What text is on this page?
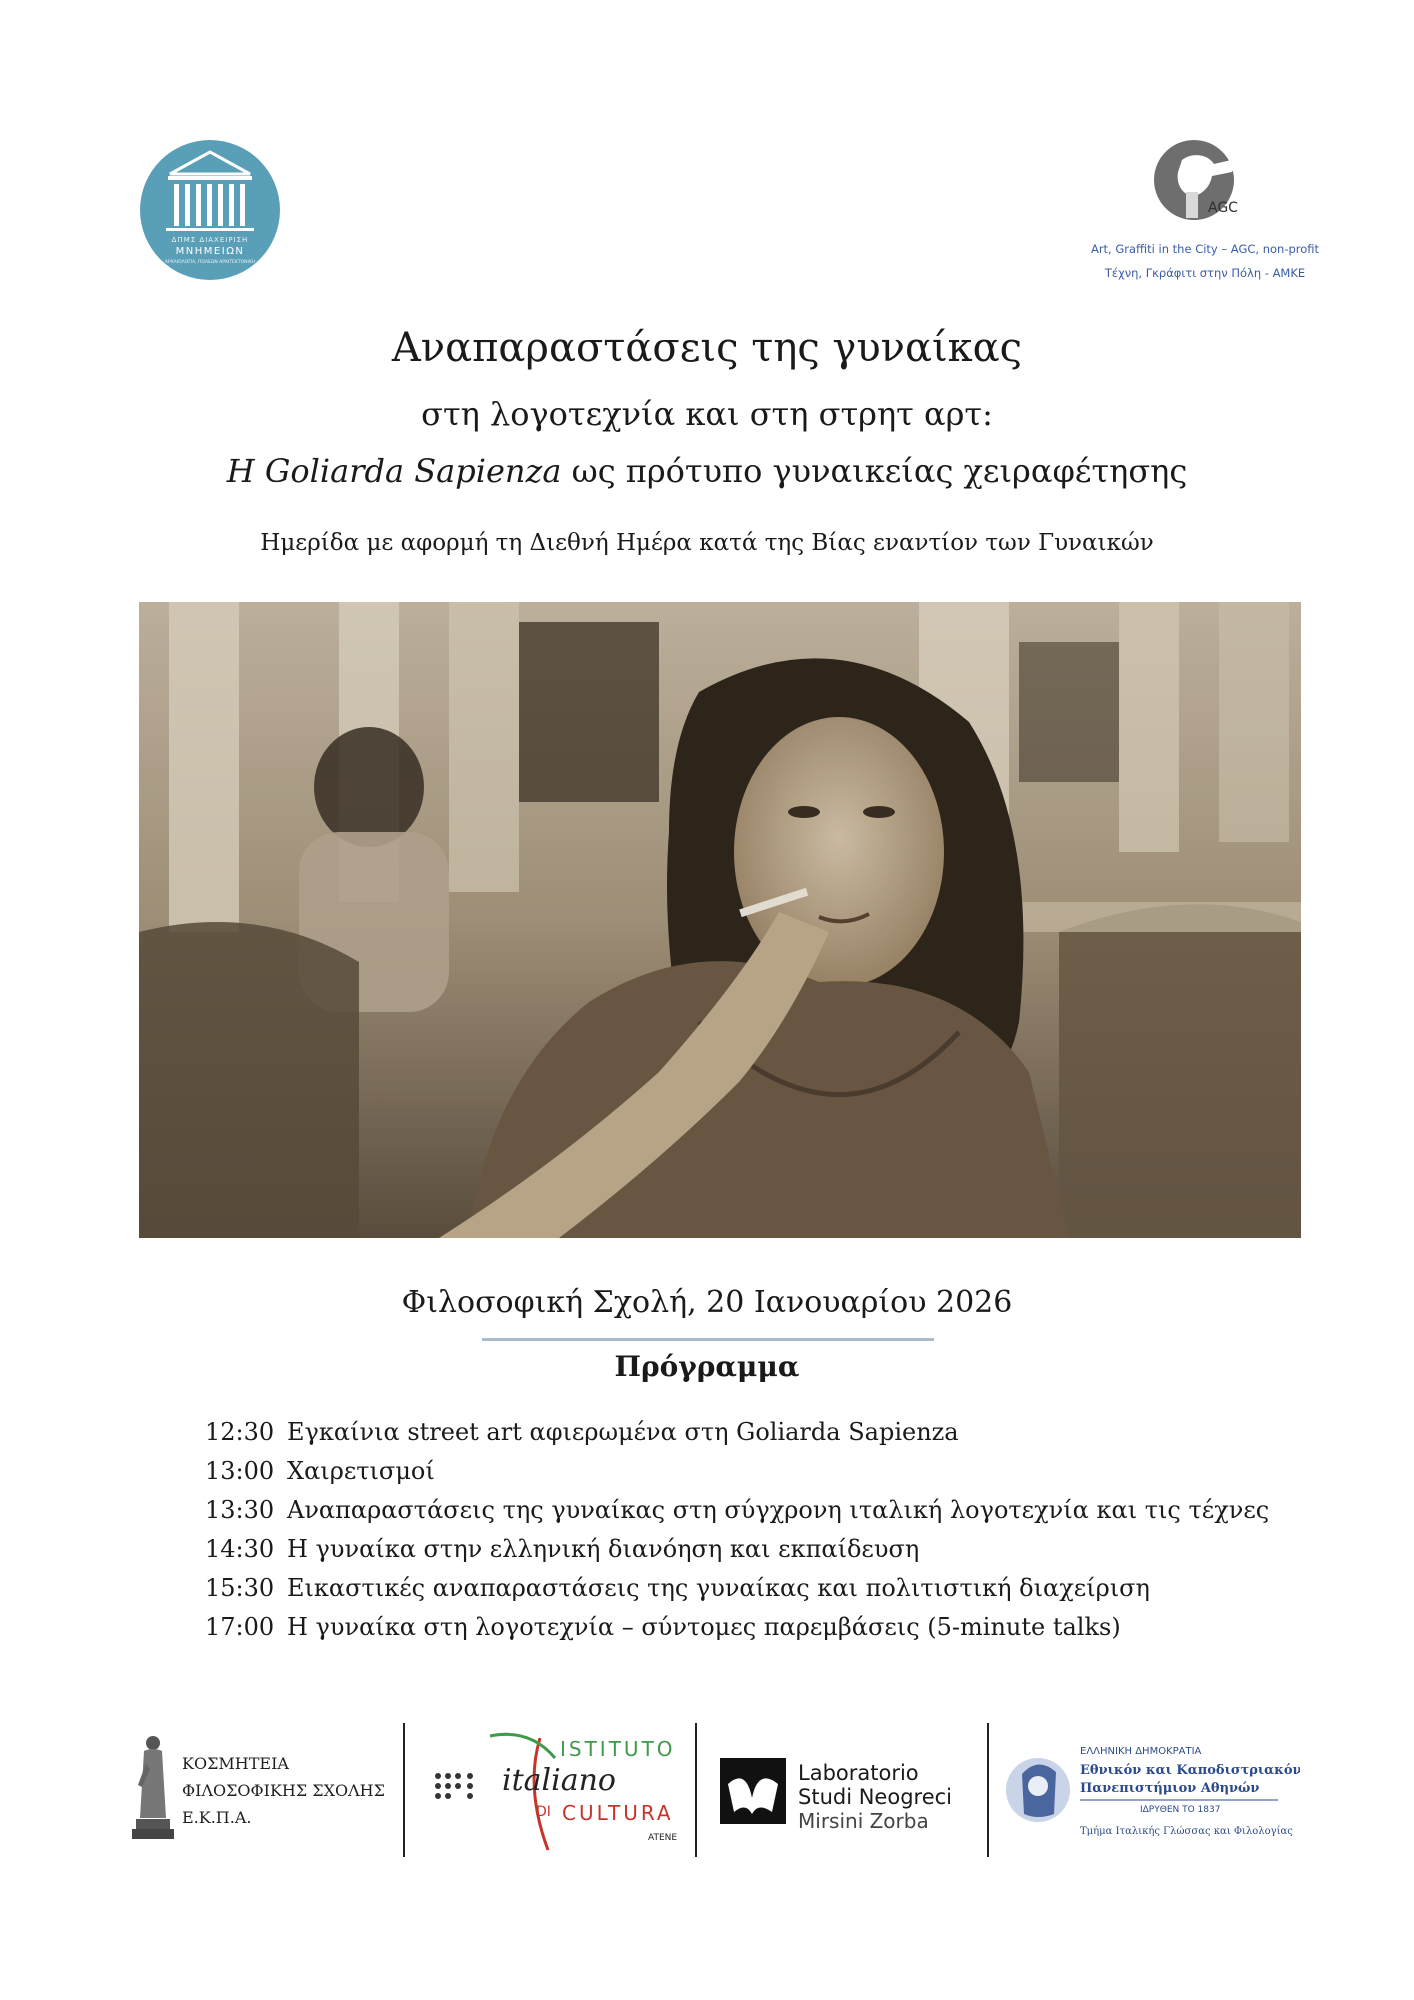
ΔΠΜΣ ΔΙΑΧΕΙΡΙΣΗ
ΜΝΗΜΕΙΩΝ
ΑΡΧΑΙΟΛΟΓΙΑ, ΠΟΛΕΩΝ ΑΡΧΙΤΕΚΤΟΝΙΚΗ
AGC
Art, Graffiti in the City – AGC, non-profit
Τέχνη, Γκράφιτι στην Πόλη - ΑΜΚΕ
Αναπαραστάσεις της γυναίκας
στη λογοτεχνία και στη στρητ αρτ:
Η Goliarda Sapienza ως πρότυπο γυναικείας χειραφέτησης
Ημερίδα με αφορμή τη Διεθνή Ημέρα κατά της Βίας εναντίον των Γυναικών
Φιλοσοφική Σχολή, 20 Ιανουαρίου 2026
Πρόγραμμα
12:30 Εγκαίνια street art αφιερωμένα στη Goliarda Sapienza
13:00 Χαιρετισμοί
13:30 Αναπαραστάσεις της γυναίκας στη σύγχρονη ιταλική λογοτεχνία και τις τέχνες
14:30 Η γυναίκα στην ελληνική διανόηση και εκπαίδευση
15:30 Εικαστικές αναπαραστάσεις της γυναίκας και πολιτιστική διαχείριση
17:00 Η γυναίκα στη λογοτεχνία – σύντομες παρεμβάσεις (5-minute talks)
ΚΟΣΜΗΤΕΙΑ
ΦΙΛΟΣΟΦΙΚΗΣ ΣΧΟΛΗΣ
Ε.Κ.Π.Α.
ISTITUTO
italiano
DI CULTURA
ATENE
Laboratorio
Studi Neogreci
Mirsini Zorba
ΕΛΛΗΝΙΚΗ ΔΗΜΟΚΡΑΤΙΑ
Εθνικόν και Καποδιστριακόν
Πανεπιστήμιον Αθηνών
ΙΔΡΥΘΕΝ ΤΟ 1837
Τμήμα Ιταλικής Γλώσσας και Φιλολογίας
